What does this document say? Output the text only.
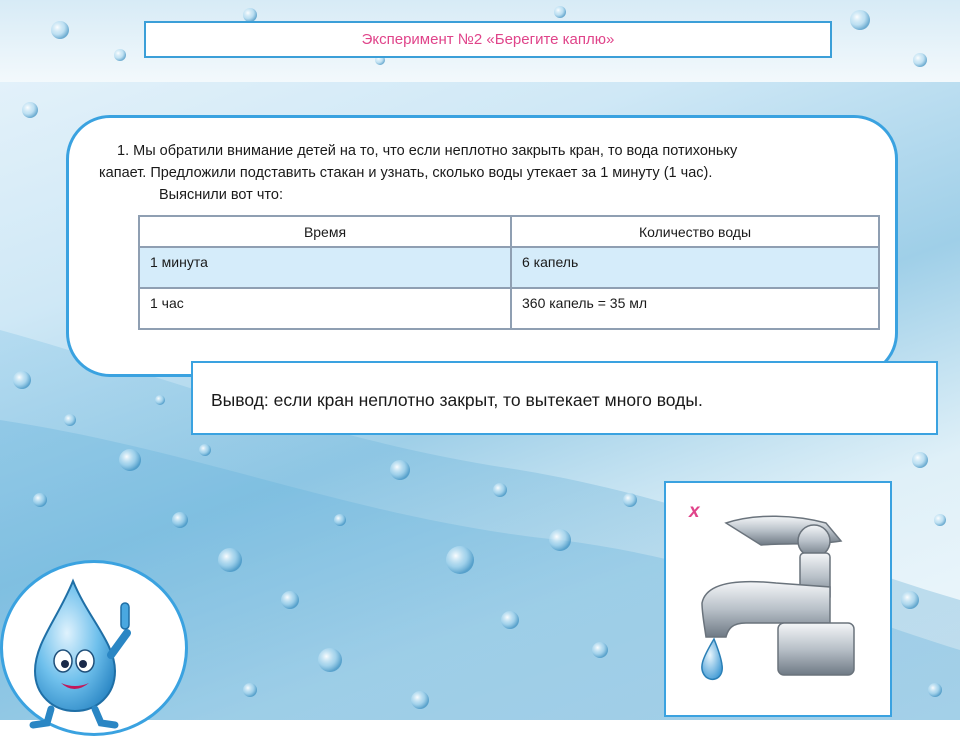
Эксперимент №2 «Берегите каплю»
1. Мы обратили внимание детей на то, что если неплотно закрыть кран, то вода потихоньку
капает. Предложили подставить стакан и узнать, сколько воды утекает за 1 минуту (1 час).
Выяснили вот что:
Время	Количество воды
1 минута	6 капель
1 час	360 капель = 35 мл
Вывод: если кран неплотно закрыт, то вытекает много воды.
x
